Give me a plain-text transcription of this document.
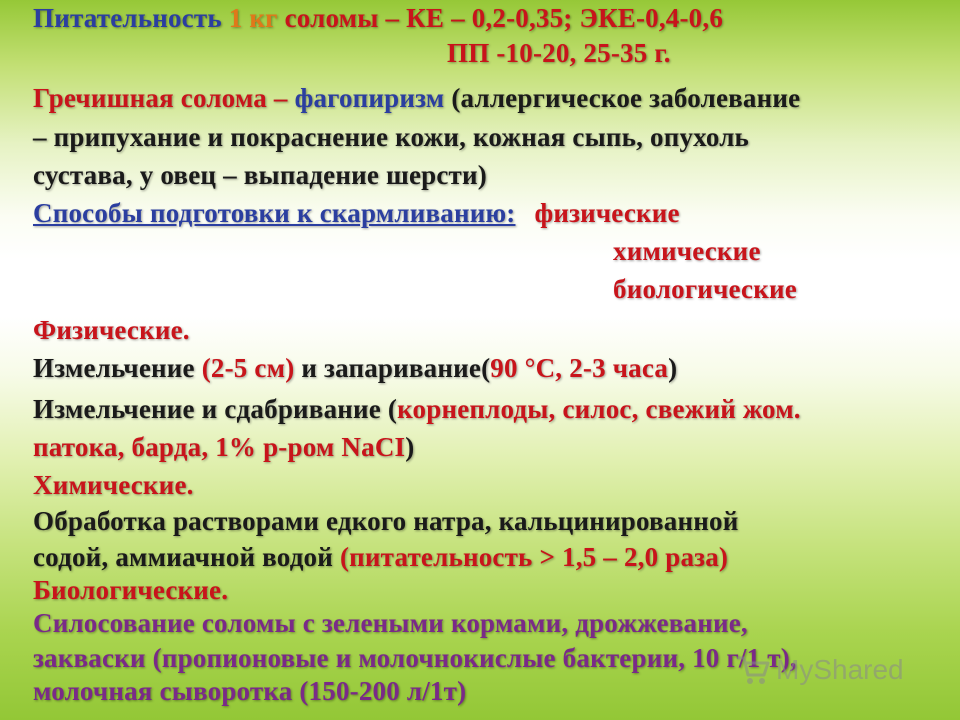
Питательность 1 кг соломы – КЕ – 0,2-0,35; ЭКЕ-0,4-0,6
ПП -10-20, 25-35 г.
Гречишная солома – фагопиризм (аллергическое заболевание
– припухание и покраснение кожи, кожная сыпь, опухоль
сустава, у овец – выпадение шерсти)
Способы подготовки к скармливанию: физические
химические
биологические
Физические.
Измельчение (2-5 см) и запаривание(90 °С, 2-3 часа)
Измельчение и сдабривание (корнеплоды, силос, свежий жом.
патока, барда, 1% р-ром NaCI)
Химические.
Обработка растворами едкого натра, кальцинированной
содой, аммиачной водой (питательность > 1,5 – 2,0 раза)
Биологические.
Силосование соломы с зелеными кормами, дрожжевание,
закваски (пропионовые и молочнокислые бактерии, 10 г/1 т),
молочная сыворотка (150-200 л/1т)
MyShared
